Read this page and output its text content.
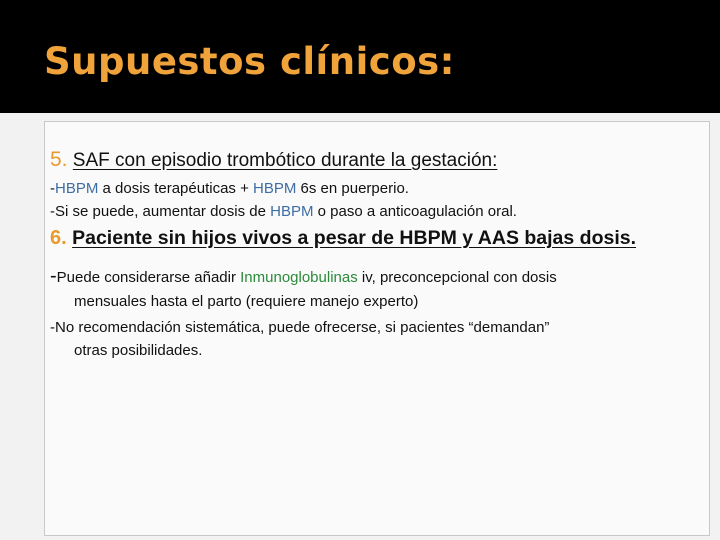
Supuestos clínicos:
5. SAF con episodio trombótico durante la gestación:
-HBPM a dosis terapéuticas + HBPM 6s en puerperio.
-Si se puede, aumentar dosis de HBPM o paso a anticoagulación oral.
6. Paciente sin hijos vivos a pesar de HBPM y AAS bajas dosis.
-Puede considerarse añadir Inmunoglobulinas iv, preconcepcional con dosis
mensuales hasta el parto (requiere manejo experto)
-No recomendación sistemática, puede ofrecerse, si pacientes “demandan”
otras posibilidades.
